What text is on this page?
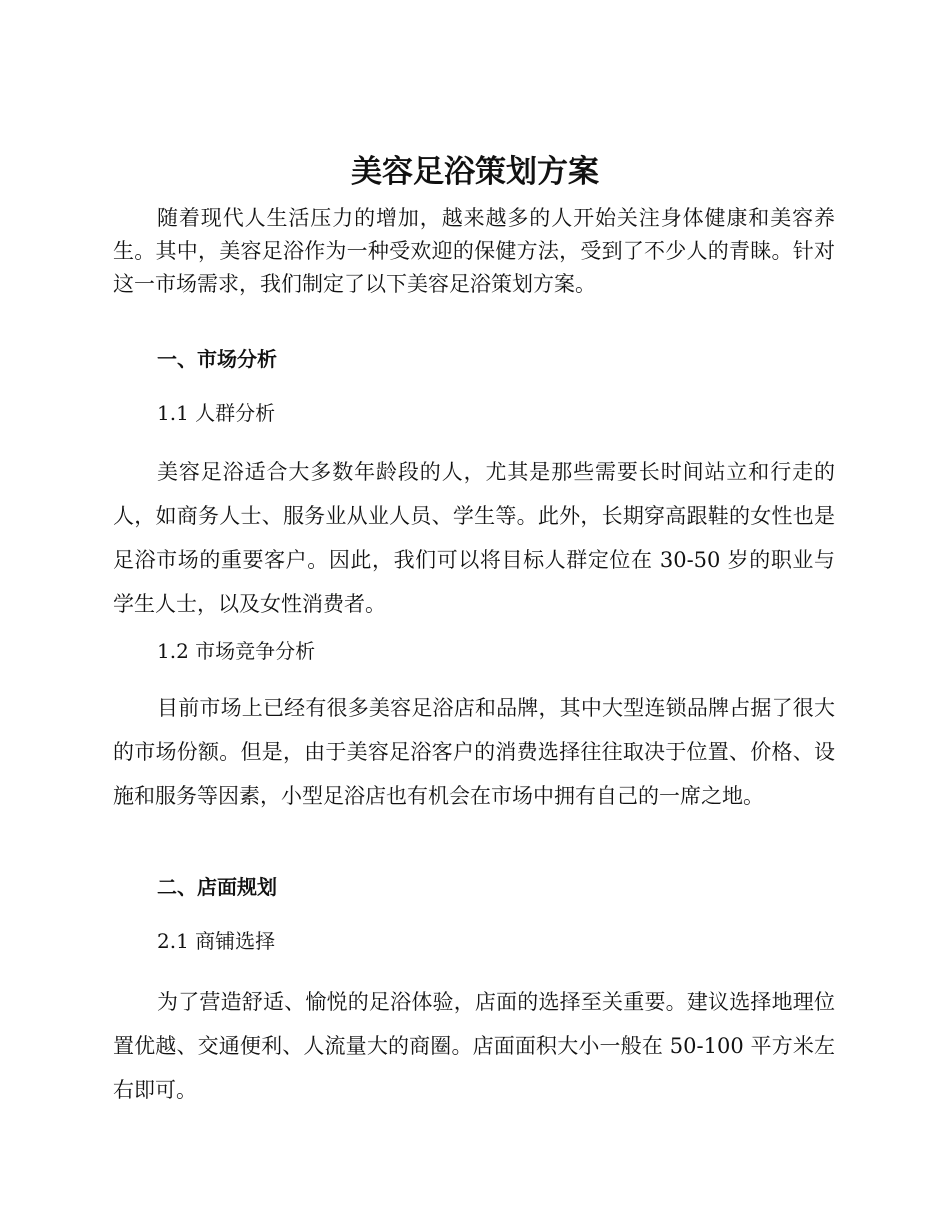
美容足浴策划方案

随着现代人生活压力的增加，越来越多的人开始关注身体健康和美容养生。其中，美容足浴作为一种受欢迎的保健方法，受到了不少人的青睐。针对这一市场需求，我们制定了以下美容足浴策划方案。

一、市场分析
1.1 人群分析

美容足浴适合大多数年龄段的人，尤其是那些需要长时间站立和行走的人，如商务人士、服务业从业人员、学生等。此外，长期穿高跟鞋的女性也是足浴市场的重要客户。因此，我们可以将目标人群定位在 30-50 岁的职业与学生人士，以及女性消费者。

1.2 市场竞争分析

目前市场上已经有很多美容足浴店和品牌，其中大型连锁品牌占据了很大的市场份额。但是，由于美容足浴客户的消费选择往往取决于位置、价格、设施和服务等因素，小型足浴店也有机会在市场中拥有自己的一席之地。

二、店面规划
2.1 商铺选择

为了营造舒适、愉悦的足浴体验，店面的选择至关重要。建议选择地理位置优越、交通便利、人流量大的商圈。店面面积大小一般在 50-100 平方米左右即可。
